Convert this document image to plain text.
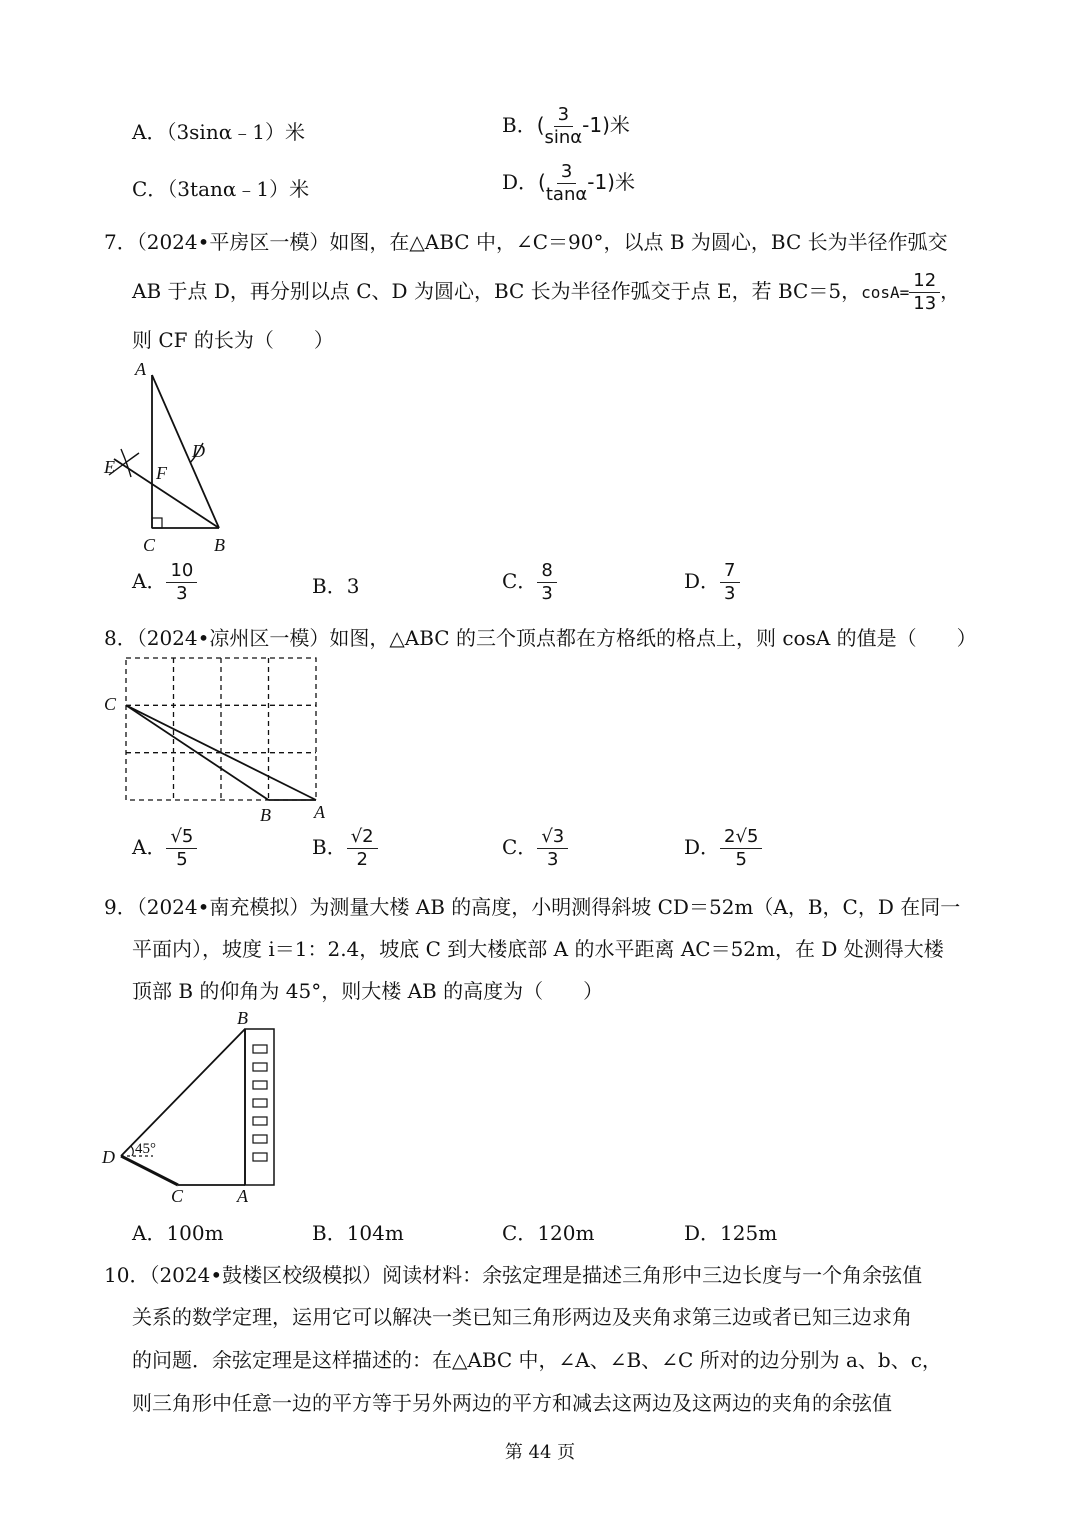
A．（3sinα﹣1）米	B．( $\frac{3}{\sin\alpha} -1$)米
C．（3tanα﹣1）米	D．( $\frac{3}{\tan\alpha} -1$)米
7．（2024•平房区一模）如图，在△ABC 中，∠C＝90°，以点 B 为圆心，BC 长为半径作弧交
AB 于点 D，再分别以点 C、D 为圆心，BC 长为半径作弧交于点 E，若 BC＝5，$\cos A= \frac{12}{13}$ ，
则 CF 的长为（　　）
A
B
C
D
E F
A． $\frac{10}{3}$	B．3	C． $\frac{8}{3}$	D． $\frac{7}{3}$
8．（2024•凉州区一模）如图，△ABC 的三个顶点都在方格纸的格点上，则 cosA 的值是（　　）
C
B A
A． $\frac{√5}{5}$	B． $\frac{√2}{2}$	C． $\frac{√3}{3}$	D． $\frac{2√5}{5}$
9．（2024•南充模拟）为测量大楼 AB 的高度，小明测得斜坡 CD＝52m（A，B，C，D 在同一
平面内），坡度 i＝1：2.4，坡底 C 到大楼底部 A 的水平距离 AC＝52m，在 D 处测得大楼
顶部 B 的仰角为 45°，则大楼 AB 的高度为（　　）
45°
B
D
C	A
A．100m	B．104m	C．120m	D．125m
10．（2024•鼓楼区校级模拟）阅读材料：余弦定理是描述三角形中三边长度与一个角余弦值
关系的数学定理，运用它可以解决一类已知三角形两边及夹角求第三边或者已知三边求角
的问题．余弦定理是这样描述的：在△ABC 中，∠A、∠B、∠C 所对的边分别为 a、b、c，
则三角形中任意一边的平方等于另外两边的平方和减去这两边及这两边的夹角的余弦值
第 44 页
